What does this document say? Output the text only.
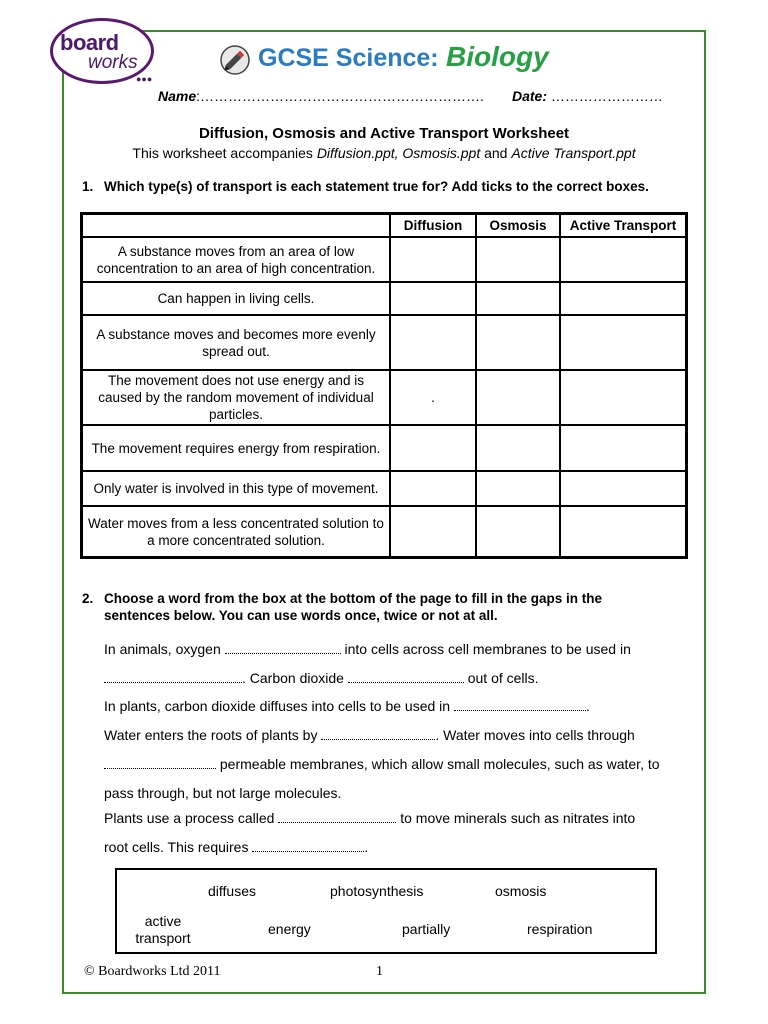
board
works
●●●
GCSE Science: Biology
Name:……………………………………………………. Date: ……………………
Diffusion, Osmosis and Active Transport Worksheet
This worksheet accompanies Diffusion.ppt, Osmosis.ppt and Active Transport.ppt
1. Which type(s) of transport is each statement true for? Add ticks to the correct boxes.
	Diffusion	Osmosis	Active Transport
A substance moves from an area of low concentration to an area of high concentration.			
Can happen in living cells.			
A substance moves and becomes more evenly spread out.			
The movement does not use energy and is caused by the random movement of individual particles.	.		
The movement requires energy from respiration.			
Only water is involved in this type of movement.			
Water moves from a less concentrated solution to a more concentrated solution.			
2. Choose a word from the box at the bottom of the page to fill in the gaps in the
sentences below. You can use words once, twice or not at all.
In animals, oxygen	into cells across cell membranes to be used in
. Carbon dioxide	out of cells.
In plants, carbon dioxide diffuses into cells to be used in	.
Water enters the roots of plants by	. Water moves into cells through
permeable membranes, which allow small molecules, such as water, to
pass through, but not large molecules.
Plants use a process called	to move minerals such as nitrates into
root cells. This requires	.
diffuses	photosynthesis	osmosis
active
transport
energy	partially	respiration
© Boardworks Ltd 2011	1
